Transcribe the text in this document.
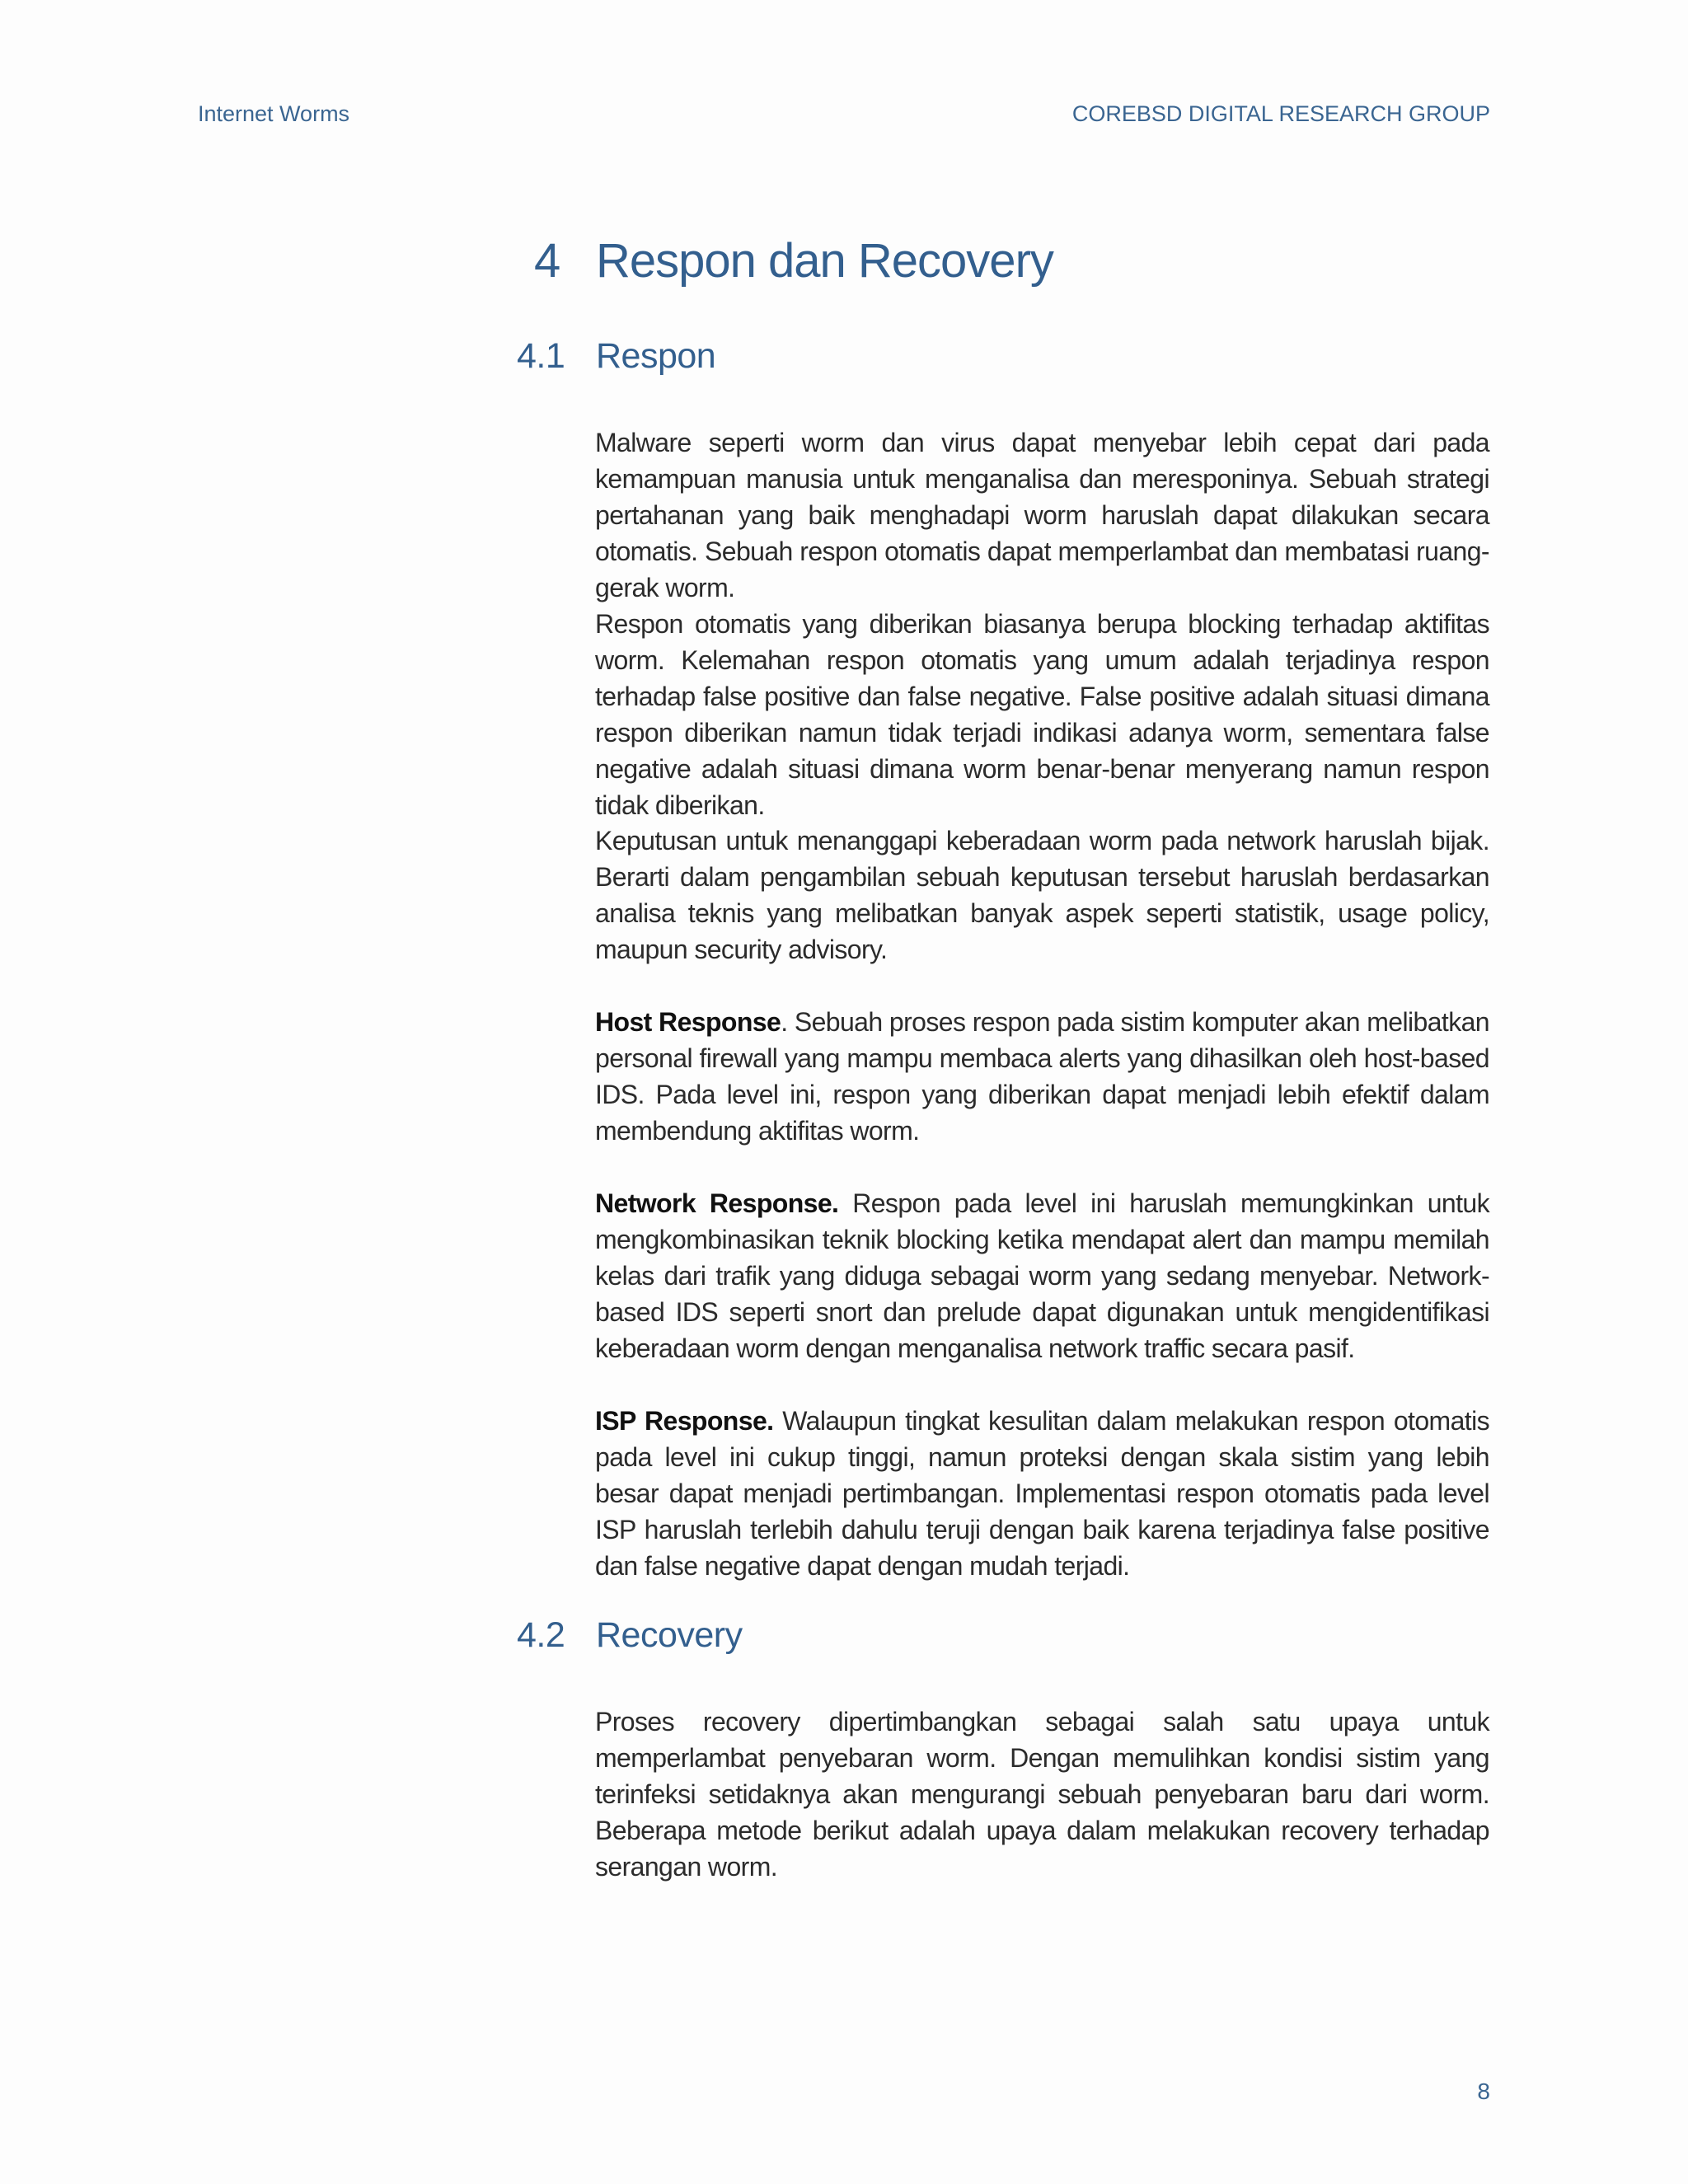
Internet Worms	COREBSD DIGITAL RESEARCH GROUP
4 Respon dan Recovery
4.1 Respon

Malware seperti worm dan virus dapat menyebar lebih cepat dari pada kemampuan manusia untuk menganalisa dan meresponinya. Sebuah strategi pertahanan yang baik menghadapi worm haruslah dapat dilakukan secara otomatis. Sebuah respon otomatis dapat memperlambat dan membatasi ruang-gerak worm.

Respon otomatis yang diberikan biasanya berupa blocking terhadap aktifitas worm. Kelemahan respon otomatis yang umum adalah terjadinya respon terhadap false positive dan false negative. False positive adalah situasi dimana respon diberikan namun tidak terjadi indikasi adanya worm, sementara false negative adalah situasi dimana worm benar-benar menyerang namun respon tidak diberikan.

Keputusan untuk menanggapi keberadaan worm pada network haruslah bijak. Berarti dalam pengambilan sebuah keputusan tersebut haruslah berdasarkan analisa teknis yang melibatkan banyak aspek seperti statistik, usage policy, maupun security advisory.

Host Response. Sebuah proses respon pada sistim komputer akan melibatkan personal firewall yang mampu membaca alerts yang dihasilkan oleh host-based IDS. Pada level ini, respon yang diberikan dapat menjadi lebih efektif dalam membendung aktifitas worm.

Network Response. Respon pada level ini haruslah memungkinkan untuk mengkombinasikan teknik blocking ketika mendapat alert dan mampu memilah kelas dari trafik yang diduga sebagai worm yang sedang menyebar. Network-based IDS seperti snort dan prelude dapat digunakan untuk mengidentifikasi keberadaan worm dengan menganalisa network traffic secara pasif.

ISP Response. Walaupun tingkat kesulitan dalam melakukan respon otomatis pada level ini cukup tinggi, namun proteksi dengan skala sistim yang lebih besar dapat menjadi pertimbangan. Implementasi respon otomatis pada level ISP haruslah terlebih dahulu teruji dengan baik karena terjadinya false positive dan false negative dapat dengan mudah terjadi.

4.2 Recovery

Proses recovery dipertimbangkan sebagai salah satu upaya untuk memperlambat penyebaran worm. Dengan memulihkan kondisi sistim yang terinfeksi setidaknya akan mengurangi sebuah penyebaran baru dari worm. Beberapa metode berikut adalah upaya dalam melakukan recovery terhadap serangan worm.

8
